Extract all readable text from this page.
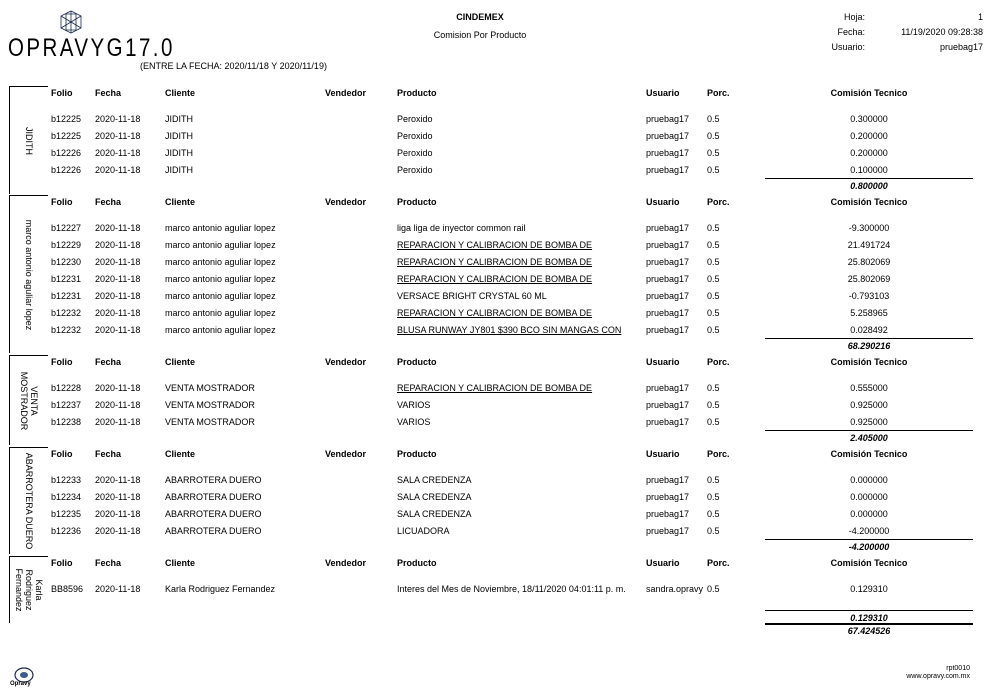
OPRAVYG17.0
CINDEMEX
Comision Por Producto
(ENTRE LA FECHA: 2020/11/18 Y 2020/11/19)
Hoja:	1
Fecha:	11/19/2020 09:28:38
Usuario:	pruebag17
JIDITH
Folio	Fecha	Cliente	Vendedor	Producto	Usuario	Porc.	Comisión Tecnico
b12225 2020-11-18	JIDITH	Peroxido	pruebag17 0.5	0.300000
b12225 2020-11-18	JIDITH	Peroxido	pruebag17 0.5	0.200000
b12226 2020-11-18	JIDITH	Peroxido	pruebag17 0.5	0.200000
b12226 2020-11-18	JIDITH	Peroxido	pruebag17 0.5	0.100000
0.800000
marco antonio aguliar lopez
Folio	Fecha	Cliente	Vendedor	Producto	Usuario	Porc.	Comisión Tecnico
b12227 2020-11-18	marco antonio aguliar lopez	liga liga de inyector common rail	pruebag17 0.5	-9.300000
b12229 2020-11-18	marco antonio aguliar lopez	REPARACION Y CALIBRACION DE BOMBA DE	pruebag17 0.5	21.491724
b12230 2020-11-18	marco antonio aguliar lopez	REPARACION Y CALIBRACION DE BOMBA DE	pruebag17 0.5	25.802069
b12231 2020-11-18	marco antonio aguliar lopez	REPARACION Y CALIBRACION DE BOMBA DE	pruebag17 0.5	25.802069
b12231 2020-11-18	marco antonio aguliar lopez	VERSACE BRIGHT CRYSTAL 60 ML	pruebag17 0.5	-0.793103
b12232 2020-11-18	marco antonio aguliar lopez	REPARACION Y CALIBRACION DE BOMBA DE	pruebag17 0.5	5.258965
b12232 2020-11-18	marco antonio aguliar lopez	BLUSA RUNWAY JY801 $390 BCO SIN MANGAS CON	pruebag17 0.5	0.028492
68.290216
VENTA MOSTRADOR
Folio	Fecha	Cliente	Vendedor	Producto	Usuario	Porc.	Comisión Tecnico
b12228 2020-11-18	VENTA MOSTRADOR	REPARACION Y CALIBRACION DE BOMBA DE	pruebag17 0.5	0.555000
b12237 2020-11-18	VENTA MOSTRADOR	VARIOS	pruebag17 0.5	0.925000
b12238 2020-11-18	VENTA MOSTRADOR	VARIOS	pruebag17 0.5	0.925000
2.405000
ABARROTERA DUERO Folio	Fecha	Cliente	Vendedor	Producto	Usuario	Porc.	Comisión Tecnico
b12233 2020-11-18	ABARROTERA DUERO	SALA CREDENZA	pruebag17 0.5	0.000000
b12234 2020-11-18	ABARROTERA DUERO	SALA CREDENZA	pruebag17 0.5	0.000000
b12235 2020-11-18	ABARROTERA DUERO	SALA CREDENZA	pruebag17 0.5	0.000000
b12236 2020-11-18	ABARROTERA DUERO	LICUADORA	pruebag17 0.5	-4.200000
-4.200000
Karla Rodriguez Fernandez
Folio	Fecha	Cliente	Vendedor	Producto	Usuario	Porc.	Comisión Tecnico
BB8596 2020-11-18	Karla Rodriguez Fernandez	Interes del Mes de Noviembre, 18/11/2020 04:01:11 p. m.	sandra.opravy 0.5	0.129310
0.129310
67.424526
Opravy
rpt0010
www.opravy.com.mx
